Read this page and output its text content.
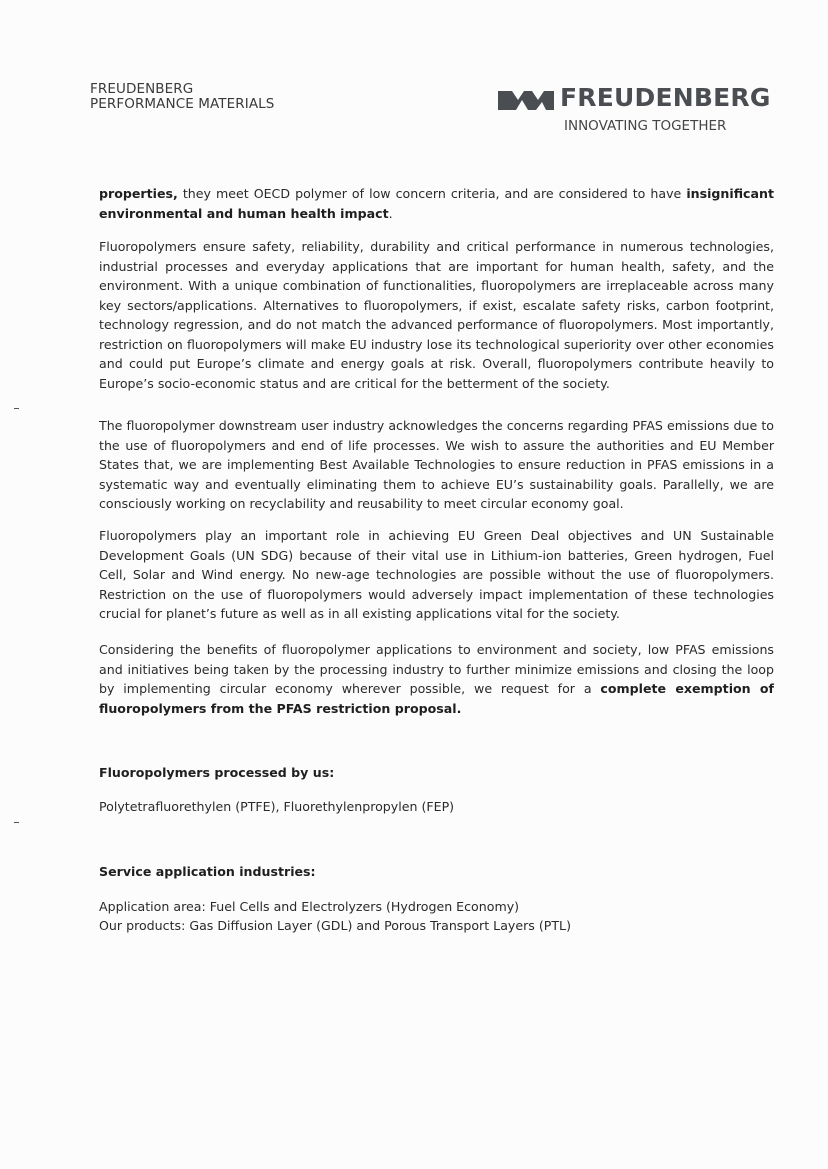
FREUDENBERG
PERFORMANCE MATERIALS	FREUDENBERG
INNOVATING TOGETHER

properties, they meet OECD polymer of low concern criteria, and are considered to have insignificant environmental and human health impact.

Fluoropolymers ensure safety, reliability, durability and critical performance in numerous technologies, industrial processes and everyday applications that are important for human health, safety, and the environment. With a unique combination of functionalities, fluoropolymers are irreplaceable across many key sectors/applications. Alternatives to fluoropolymers, if exist, escalate safety risks, carbon footprint, technology regression, and do not match the advanced performance of fluoropolymers. Most importantly, restriction on fluoropolymers will make EU industry lose its technological superiority over other economies and could put Europe’s climate and energy goals at risk. Overall, fluoropolymers contribute heavily to Europe’s socio-economic status and are critical for the betterment of the society.

The fluoropolymer downstream user industry acknowledges the concerns regarding PFAS emissions due to the use of fluoropolymers and end of life processes. We wish to assure the authorities and EU Member States that, we are implementing Best Available Technologies to ensure reduction in PFAS emissions in a systematic way and eventually eliminating them to achieve EU’s sustainability goals. Parallelly, we are consciously working on recyclability and reusability to meet circular economy goal.

Fluoropolymers play an important role in achieving EU Green Deal objectives and UN Sustainable Development Goals (UN SDG) because of their vital use in Lithium-ion batteries, Green hydrogen, Fuel Cell, Solar and Wind energy. No new-age technologies are possible without the use of fluoropolymers. Restriction on the use of fluoropolymers would adversely impact implementation of these technologies crucial for planet’s future as well as in all existing applications vital for the society.

Considering the benefits of fluoropolymer applications to environment and society, low PFAS emissions and initiatives being taken by the processing industry to further minimize emissions and closing the loop by implementing circular economy wherever possible, we request for a complete exemption of fluoropolymers from the PFAS restriction proposal.

Fluoropolymers processed by us:
Polytetrafluorethylen (PTFE), Fluorethylenpropylen (FEP)
Service application industries:
Application area: Fuel Cells and Electrolyzers (Hydrogen Economy)
Our products: Gas Diffusion Layer (GDL) and Porous Transport Layers (PTL)
